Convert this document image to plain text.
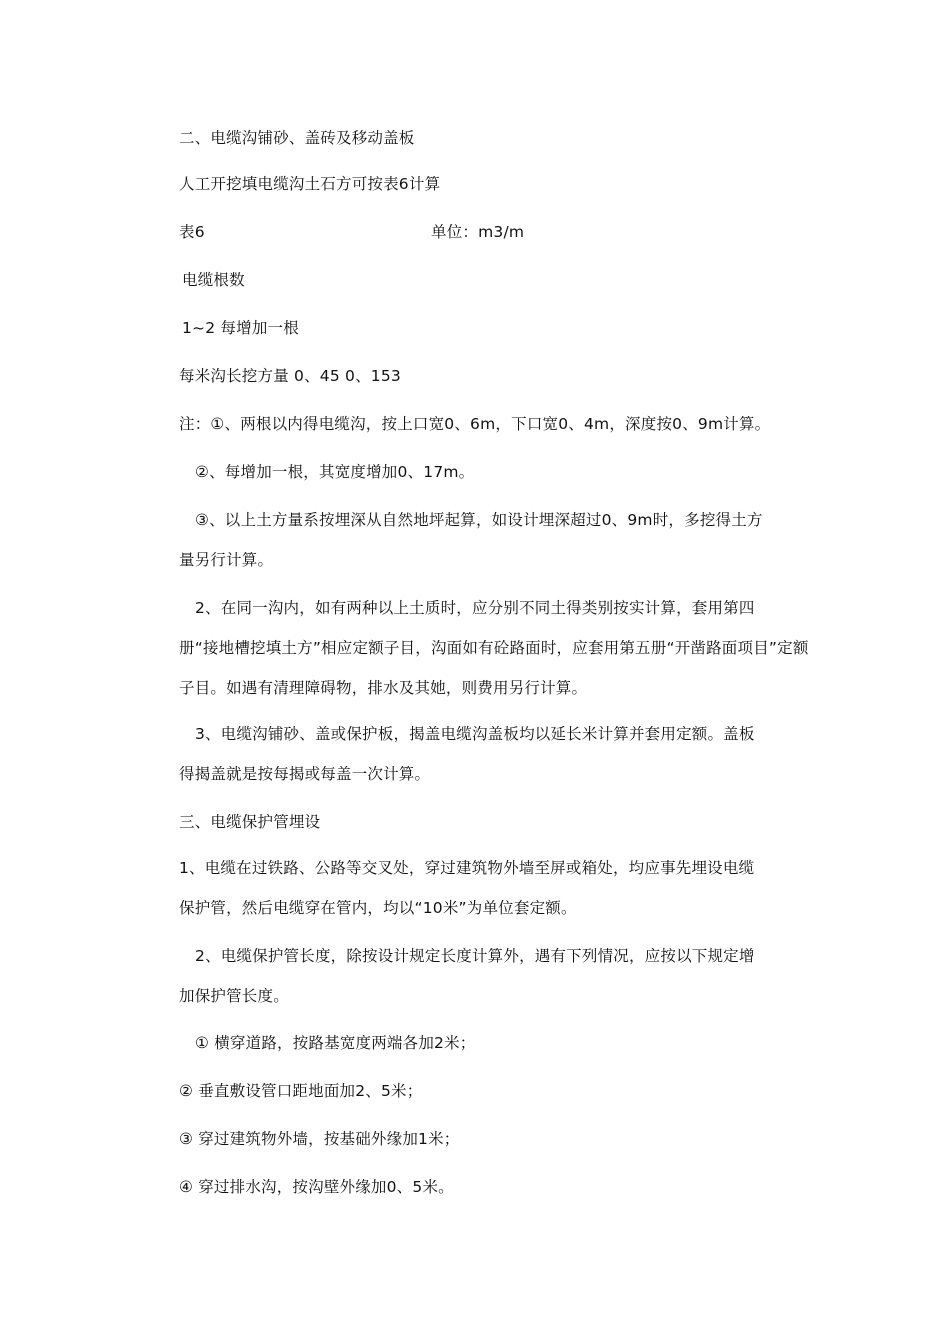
二、电缆沟铺砂、盖砖及移动盖板
人工开挖填电缆沟土石方可按表6计算
表6	单位：m3/m
电缆根数
1~2 每增加一根
每米沟长挖方量 0、45 0、153
注：①、两根以内得电缆沟，按上口宽0、6m，下口宽0、4m，深度按0、9m计算。
②、每增加一根，其宽度增加0、17m。
③、以上土方量系按埋深从自然地坪起算，如设计埋深超过0、9m时，多挖得土方
量另行计算。
2、在同一沟内，如有两种以上土质时，应分别不同土得类别按实计算，套用第四
册“接地槽挖填土方”相应定额子目，沟面如有砼路面时，应套用第五册“开凿路面项目”定额
子目。如遇有清理障碍物，排水及其她，则费用另行计算。
3、电缆沟铺砂、盖或保护板，揭盖电缆沟盖板均以延长米计算并套用定额。盖板
得揭盖就是按每揭或每盖一次计算。
三、电缆保护管埋设
1、电缆在过铁路、公路等交叉处，穿过建筑物外墙至屏或箱处，均应事先埋设电缆
保护管，然后电缆穿在管内，均以“10米”为单位套定额。
2、电缆保护管长度，除按设计规定长度计算外，遇有下列情况，应按以下规定增
加保护管长度。
① 横穿道路，按路基宽度两端各加2米；
② 垂直敷设管口距地面加2、5米；
③ 穿过建筑物外墙，按基础外缘加1米；
④ 穿过排水沟，按沟壁外缘加0、5米。
